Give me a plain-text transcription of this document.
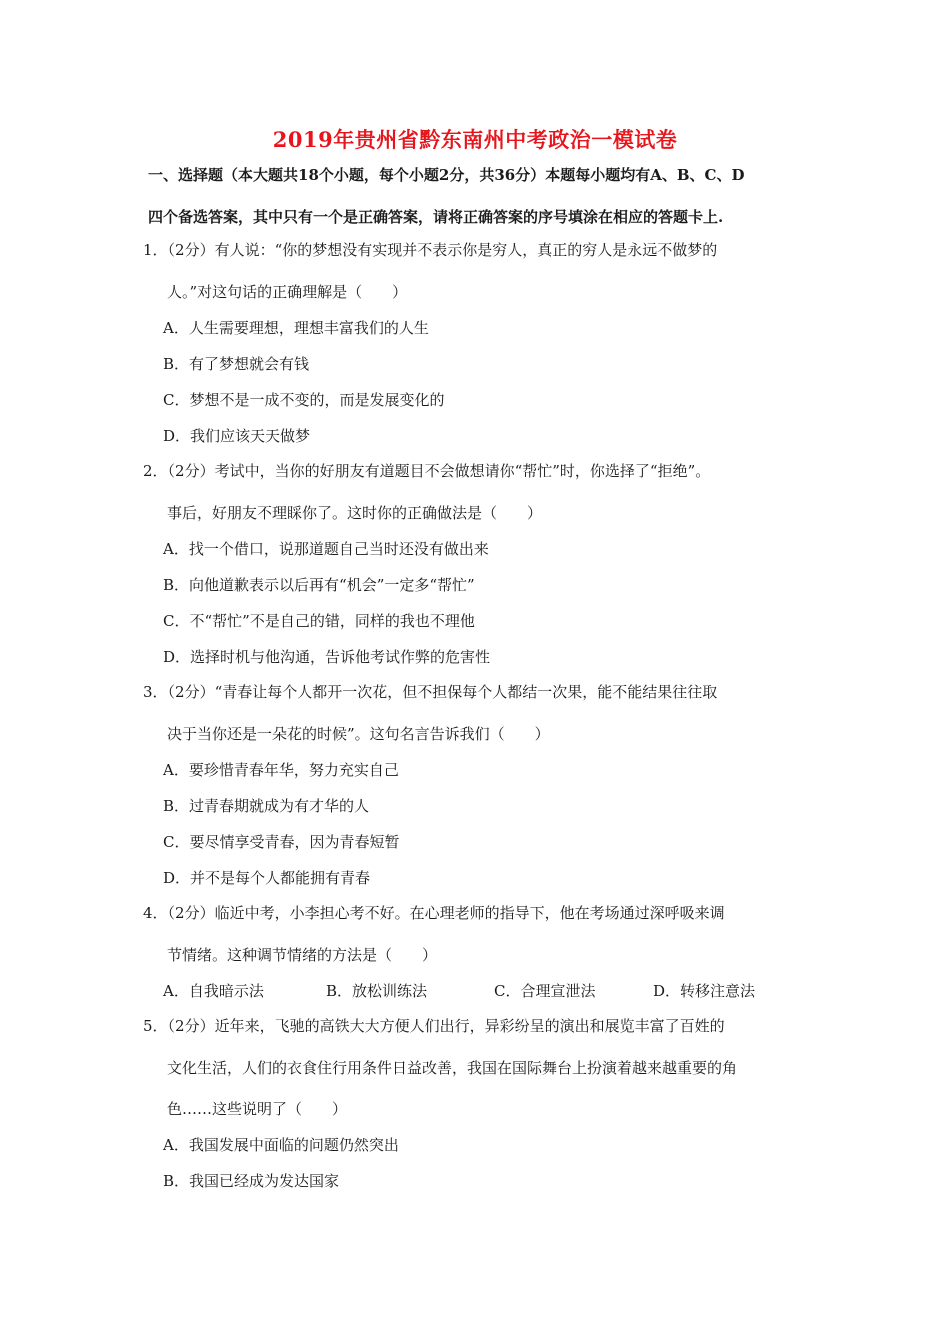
2019年贵州省黔东南州中考政治一模试卷
一、选择题（本大题共18个小题，每个小题2分，共36分）本题每小题均有A、B、C、D
四个备选答案，其中只有一个是正确答案，请将正确答案的序号填涂在相应的答题卡上.
1．（2分）有人说：“你的梦想没有实现并不表示你是穷人，真正的穷人是永远不做梦的
人。”对这句话的正确理解是（　　）
A．人生需要理想，理想丰富我们的人生
B．有了梦想就会有钱
C．梦想不是一成不变的，而是发展变化的
D．我们应该天天做梦
2．（2分）考试中，当你的好朋友有道题目不会做想请你“帮忙”时，你选择了“拒绝”。
事后，好朋友不理睬你了。这时你的正确做法是（　　）
A．找一个借口，说那道题自己当时还没有做出来
B．向他道歉表示以后再有“机会”一定多“帮忙”
C．不“帮忙”不是自己的错，同样的我也不理他
D．选择时机与他沟通，告诉他考试作弊的危害性
3．（2分）“青春让每个人都开一次花，但不担保每个人都结一次果，能不能结果往往取
决于当你还是一朵花的时候”。这句名言告诉我们（　　）
A．要珍惜青春年华，努力充实自己
B．过青春期就成为有才华的人
C．要尽情享受青春，因为青春短暂
D．并不是每个人都能拥有青春
4．（2分）临近中考，小李担心考不好。在心理老师的指导下，他在考场通过深呼吸来调
节情绪。这种调节情绪的方法是（　　）
A．自我暗示法	B．放松训练法	C．合理宣泄法	D．转移注意法
5．（2分）近年来，飞驰的高铁大大方便人们出行，异彩纷呈的演出和展览丰富了百姓的
文化生活，人们的衣食住行用条件日益改善，我国在国际舞台上扮演着越来越重要的角
色……这些说明了（　　）
A．我国发展中面临的问题仍然突出
B．我国已经成为发达国家
